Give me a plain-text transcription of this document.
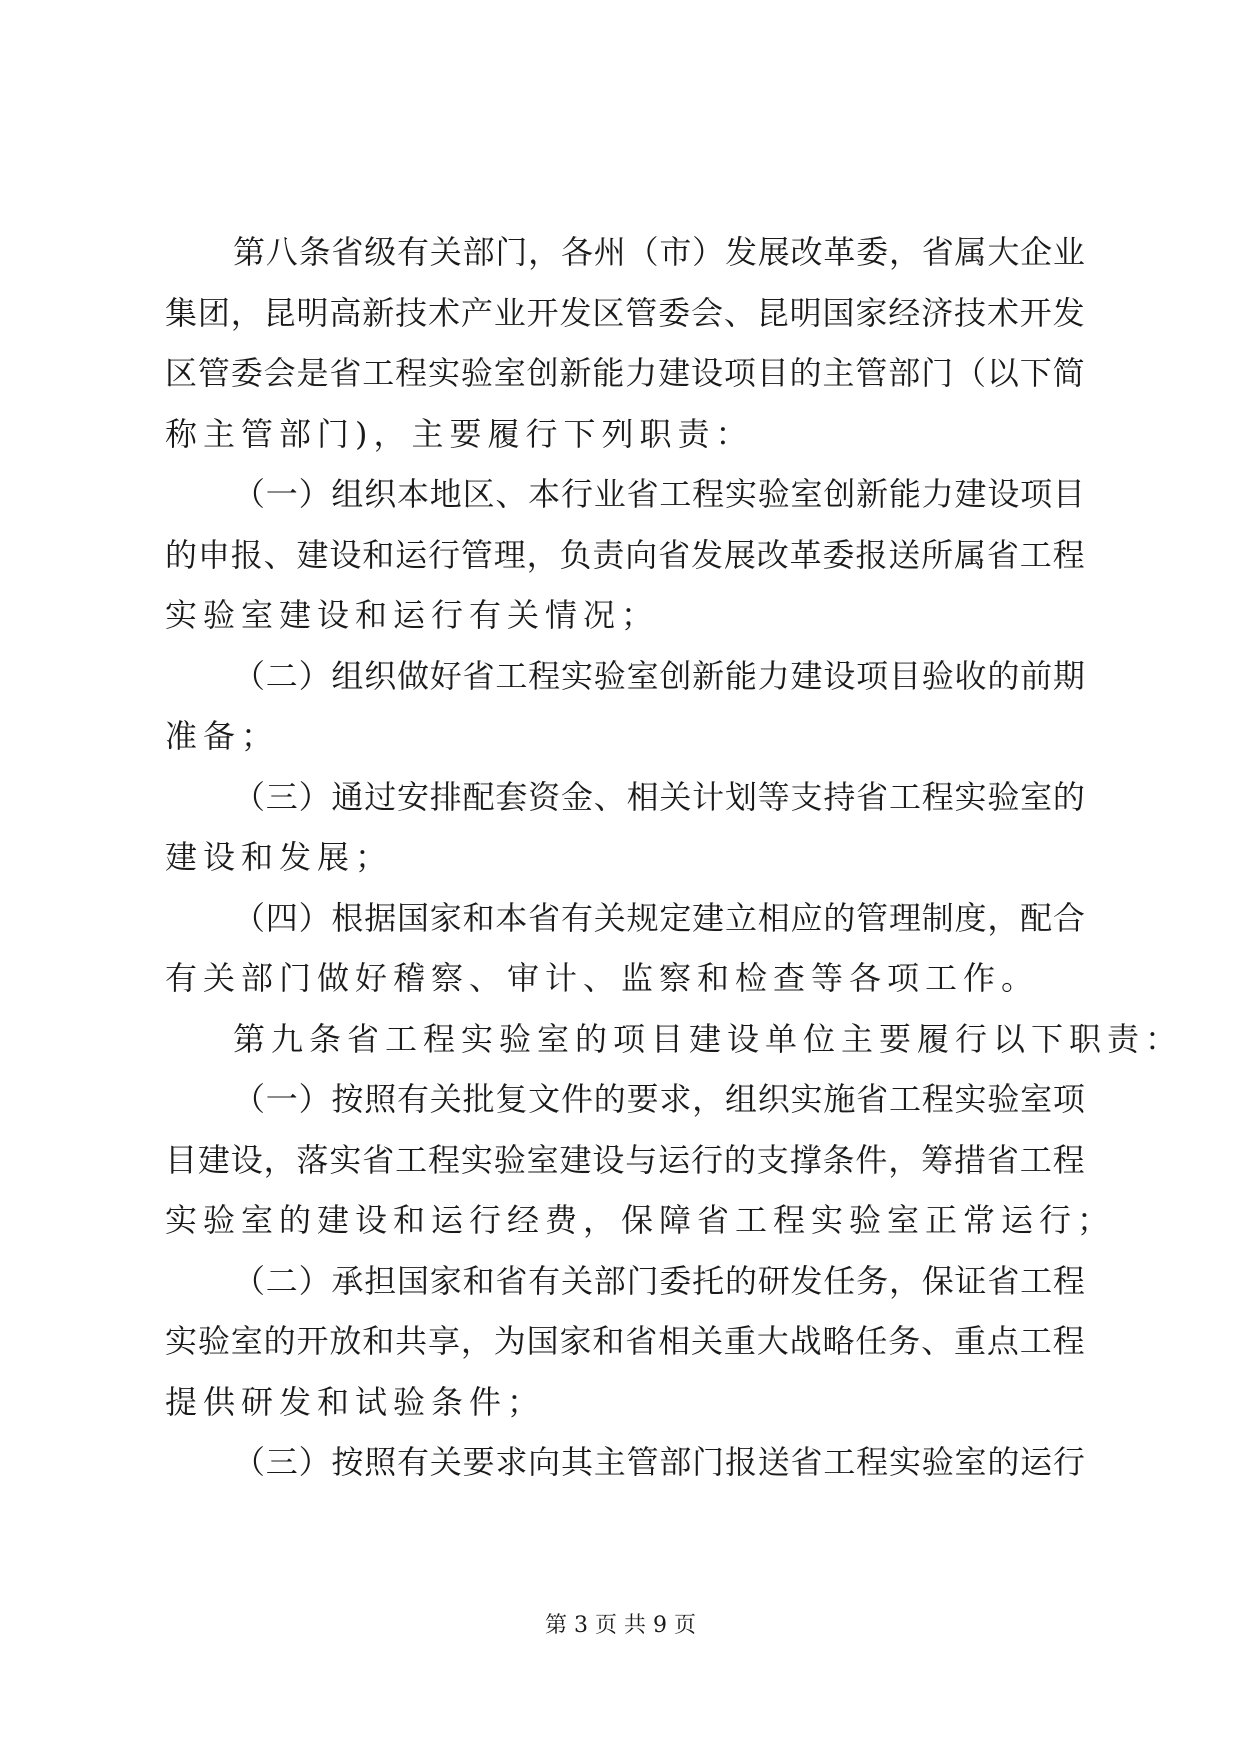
第 八 条 省 级 有 关 部 门 ， 各 州 （ 市 ） 发 展 改 革 委 ， 省 属 大 企 业
集 团 ， 昆 明 高 新 技 术 产 业 开 发 区 管 委 会 、 昆 明 国 家 经 济 技 术 开 发
区 管 委 会 是 省 工 程 实 验 室 创 新 能 力 建 设 项 目 的 主 管 部 门 （ 以 下 简
称主管部门)，主要履行下列职责：
（ 一 ） 组 织 本 地 区 、 本 行 业 省 工 程 实 验 室 创 新 能 力 建 设 项 目
的 申 报 、 建 设 和 运 行 管 理 ， 负 责 向 省 发 展 改 革 委 报 送 所 属 省 工 程
实验室建设和运行有关情况；
（ 二 ） 组 织 做 好 省 工 程 实 验 室 创 新 能 力 建 设 项 目 验 收 的 前 期
准备；
（ 三 ） 通 过 安 排 配 套 资 金 、 相 关 计 划 等 支 持 省 工 程 实 验 室 的
建设和发展；
（ 四 ） 根 据 国 家 和 本 省 有 关 规 定 建 立 相 应 的 管 理 制 度 ， 配 合
有关部门做好稽察、审计、监察和检查等各项工作。
第九条省工程实验室的项目建设单位主要履行以下职责：
（ 一 ） 按 照 有 关 批 复 文 件 的 要 求 ， 组 织 实 施 省 工 程 实 验 室 项
目 建 设 ， 落 实 省 工 程 实 验 室 建 设 与 运 行 的 支 撑 条 件 ， 筹 措 省 工 程
实验室的建设和运行经费，保障省工程实验室正常运行；
（ 二 ） 承 担 国 家 和 省 有 关 部 门 委 托 的 研 发 任 务 ， 保 证 省 工 程
实 验 室 的 开 放 和 共 享 ， 为 国 家 和 省 相 关 重 大 战 略 任 务 、 重 点 工 程
提供研发和试验条件；
（ 三 ） 按 照 有 关 要 求 向 其 主 管 部 门 报 送 省 工 程 实 验 室 的 运 行
第 3 页 共 9 页
